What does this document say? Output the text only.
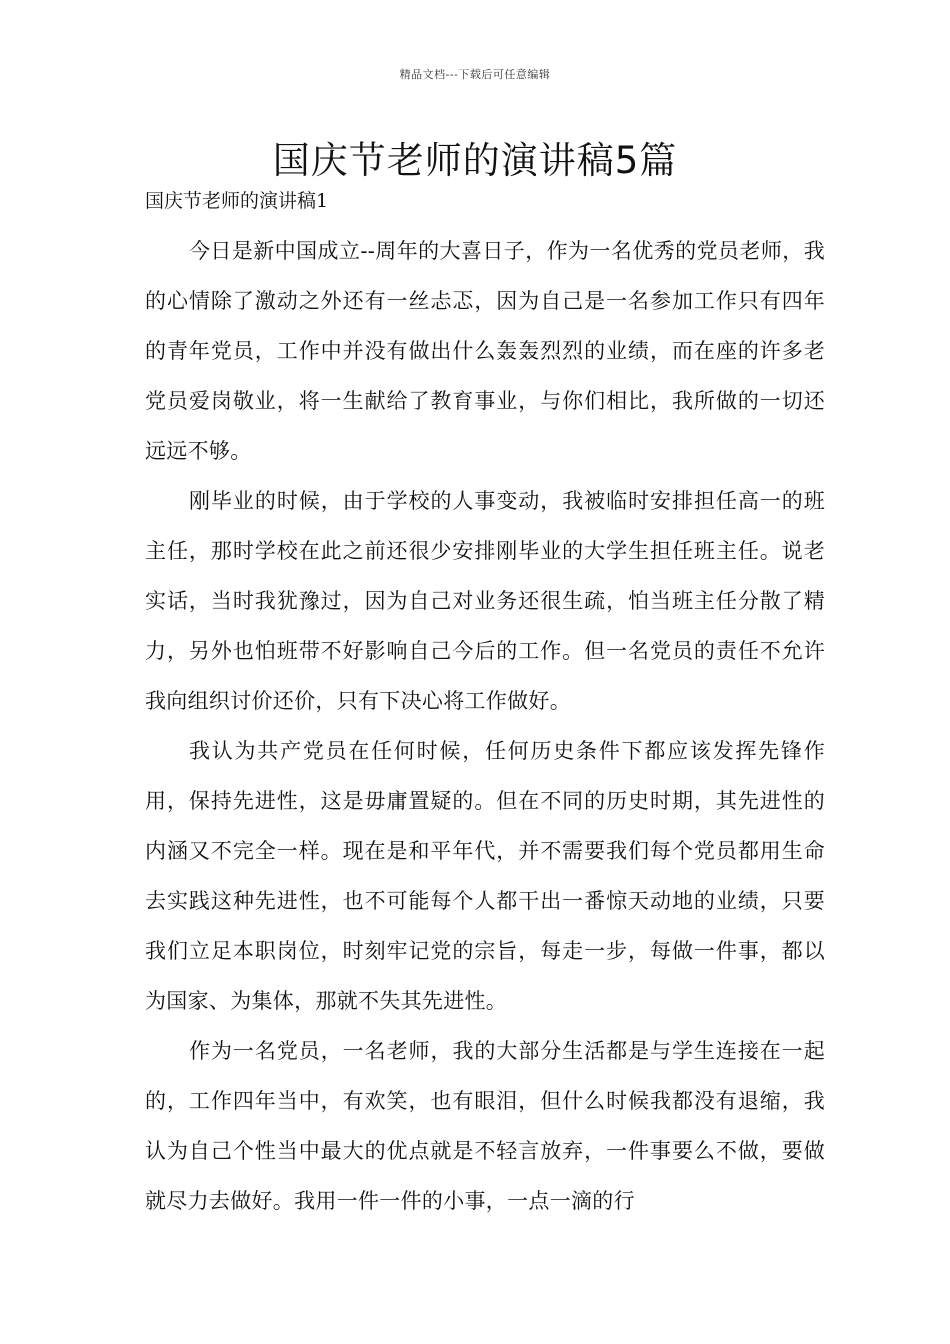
精品文档---下载后可任意编辑
国庆节老师的演讲稿5篇
国庆节老师的演讲稿1

今日是新中国成立--周年的大喜日子，作为一名优秀的党员老师，我的心情除了激动之外还有一丝忐忑，因为自己是一名参加工作只有四年的青年党员，工作中并没有做出什么轰轰烈烈的业绩，而在座的许多老党员爱岗敬业，将一生献给了教育事业，与你们相比，我所做的一切还远远不够。

刚毕业的时候，由于学校的人事变动，我被临时安排担任高一的班主任，那时学校在此之前还很少安排刚毕业的大学生担任班主任。说老实话，当时我犹豫过，因为自己对业务还很生疏，怕当班主任分散了精力，另外也怕班带不好影响自己今后的工作。但一名党员的责任不允许我向组织讨价还价，只有下决心将工作做好。

我认为共产党员在任何时候，任何历史条件下都应该发挥先锋作用，保持先进性，这是毋庸置疑的。但在不同的历史时期，其先进性的内涵又不完全一样。现在是和平年代，并不需要我们每个党员都用生命去实践这种先进性，也不可能每个人都干出一番惊天动地的业绩，只要我们立足本职岗位，时刻牢记党的宗旨，每走一步，每做一件事，都以为国家、为集体，那就不失其先进性。

作为一名党员，一名老师，我的大部分生活都是与学生连接在一起的，工作四年当中，有欢笑，也有眼泪，但什么时候我都没有退缩，我认为自己个性当中最大的优点就是不轻言放弃，一件事要么不做，要做就尽力去做好。我用一件一件的小事，一点一滴的行
